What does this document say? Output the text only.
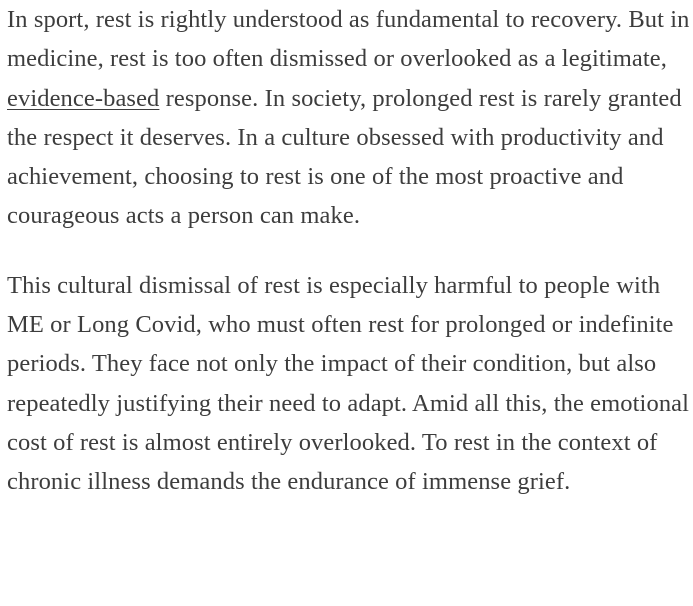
In sport, rest is rightly understood as fundamental to recovery. But in medicine, rest is too often dismissed or overlooked as a legitimate, evidence-based response. In society, prolonged rest is rarely granted the respect it deserves. In a culture obsessed with productivity and achievement, choosing to rest is one of the most proactive and courageous acts a person can make.

This cultural dismissal of rest is especially harmful to people with ME or Long Covid, who must often rest for prolonged or indefinite periods. They face not only the impact of their condition, but also repeatedly justifying their need to adapt. Amid all this, the emotional cost of rest is almost entirely overlooked. To rest in the context of chronic illness demands the endurance of immense grief.
